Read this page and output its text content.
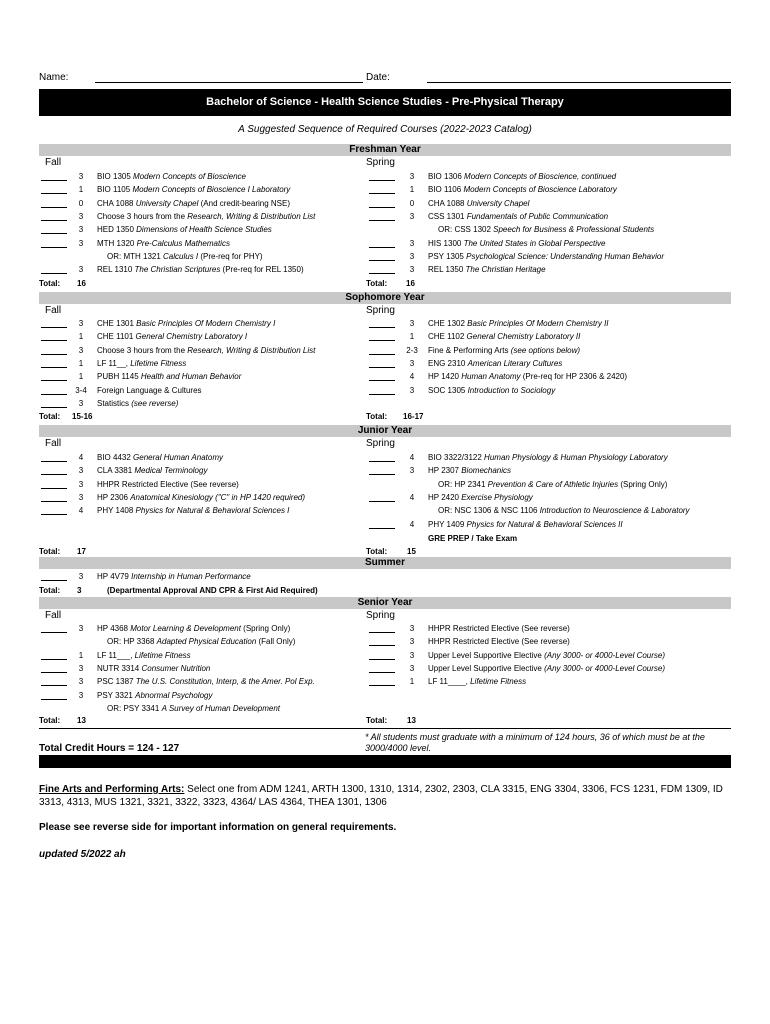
Name:	Date:
Bachelor of Science - Health Science Studies - Pre-Physical Therapy
A Suggested Sequence of Required Courses (2022-2023 Catalog)
Freshman Year
Fall	Spring
3	BIO 1305 Modern Concepts of Bioscience
1	BIO 1105 Modern Concepts of Bioscience I Laboratory
0	CHA 1088 University Chapel (And credit-bearing NSE)
3	Choose 3 hours from the Research, Writing & Distribution List
3	HED 1350 Dimensions of Health Science Studies
3	MTH 1320 Pre-Calculus Mathematics
OR: MTH 1321 Calculus I (Pre-req for PHY)
3	REL 1310 The Christian Scriptures (Pre-req for REL 1350)
3	BIO 1306 Modern Concepts of Bioscience, continued
1	BIO 1106 Modern Concepts of Bioscience Laboratory
0	CHA 1088 University Chapel
3	CSS 1301 Fundamentals of Public Communication
OR: CSS 1302 Speech for Business & Professional Students
3	HIS 1300 The United States in Global Perspective
3	PSY 1305 Psychological Science: Understanding Human Behavior
3	REL 1350 The Christian Heritage
Total: 16	Total: 16
Sophomore Year
Fall	Spring
3	CHE 1301 Basic Principles Of Modern Chemistry I
1	CHE 1101 General Chemistry Laboratory I
3	Choose 3 hours from the Research, Writing & Distribution List
1	LF 11__, Lifetime Fitness
1	PUBH 1145 Health and Human Behavior
3-4	Foreign Language & Cultures
3	Statistics (see reverse)
3	CHE 1302 Basic Principles Of Modern Chemistry II
1	CHE 1102 General Chemistry Laboratory II
2-3	Fine & Performing Arts (see options below)
3	ENG 2310 American Literary Cultures
4	HP 1420 Human Anatomy (Pre-req for HP 2306 & 2420)
3	SOC 1305 Introduction to Sociology
Total: 15-16	Total: 16-17
Junior Year
Fall	Spring
4	BIO 4432 General Human Anatomy
3	CLA 3381 Medical Terminology
3	HHPR Restricted Elective (See reverse)
3	HP 2306 Anatomical Kinesiology ("C" in HP 1420 required)
4	PHY 1408 Physics for Natural & Behavioral Sciences I
4	BIO 3322/3122 Human Physiology & Human Physiology Laboratory
3	HP 2307 Biomechanics
OR: HP 2341 Prevention & Care of Athletic Injuries (Spring Only)
4	HP 2420 Exercise Physiology
OR: NSC 1306 & NSC 1106 Introduction to Neuroscience & Laboratory
4	PHY 1409 Physics for Natural & Behavioral Sciences II
GRE PREP / Take Exam
Total: 17	Total: 15
Summer
3	HP 4V79 Internship in Human Performance
Total: 3	(Departmental Approval AND CPR & First Aid Required)
Senior Year
Fall	Spring
3	HP 4368 Motor Learning & Development (Spring Only)
OR: HP 3368 Adapted Physical Education (Fall Only)
1	LF 11___, Lifetime Fitness
3	NUTR 3314 Consumer Nutrition
3	PSC 1387 The U.S. Constitution, Interp, & the Amer. Pol Exp.
3	PSY 3321 Abnormal Psychology
OR: PSY 3341 A Survey of Human Development
3	HHPR Restricted Elective (See reverse)
3	HHPR Restricted Elective (See reverse)
3	Upper Level Supportive Elective (Any 3000- or 4000-Level Course)
3	Upper Level Supportive Elective (Any 3000- or 4000-Level Course)
1	LF 11____, Lifetime Fitness
Total: 13	Total: 13
Total Credit Hours = 124 - 127
* All students must graduate with a minimum of 124 hours, 36 of which must be at the 3000/4000 level.
Fine Arts and Performing Arts: Select one from ADM 1241, ARTH 1300, 1310, 1314, 2302, 2303, CLA 3315, ENG 3304, 3306, FCS 1231, FDM 1309, ID 3313, 4313, MUS 1321, 3321, 3322, 3323, 4364/ LAS 4364, THEA 1301, 1306
Please see reverse side for important information on general requirements.
updated 5/2022 ah
